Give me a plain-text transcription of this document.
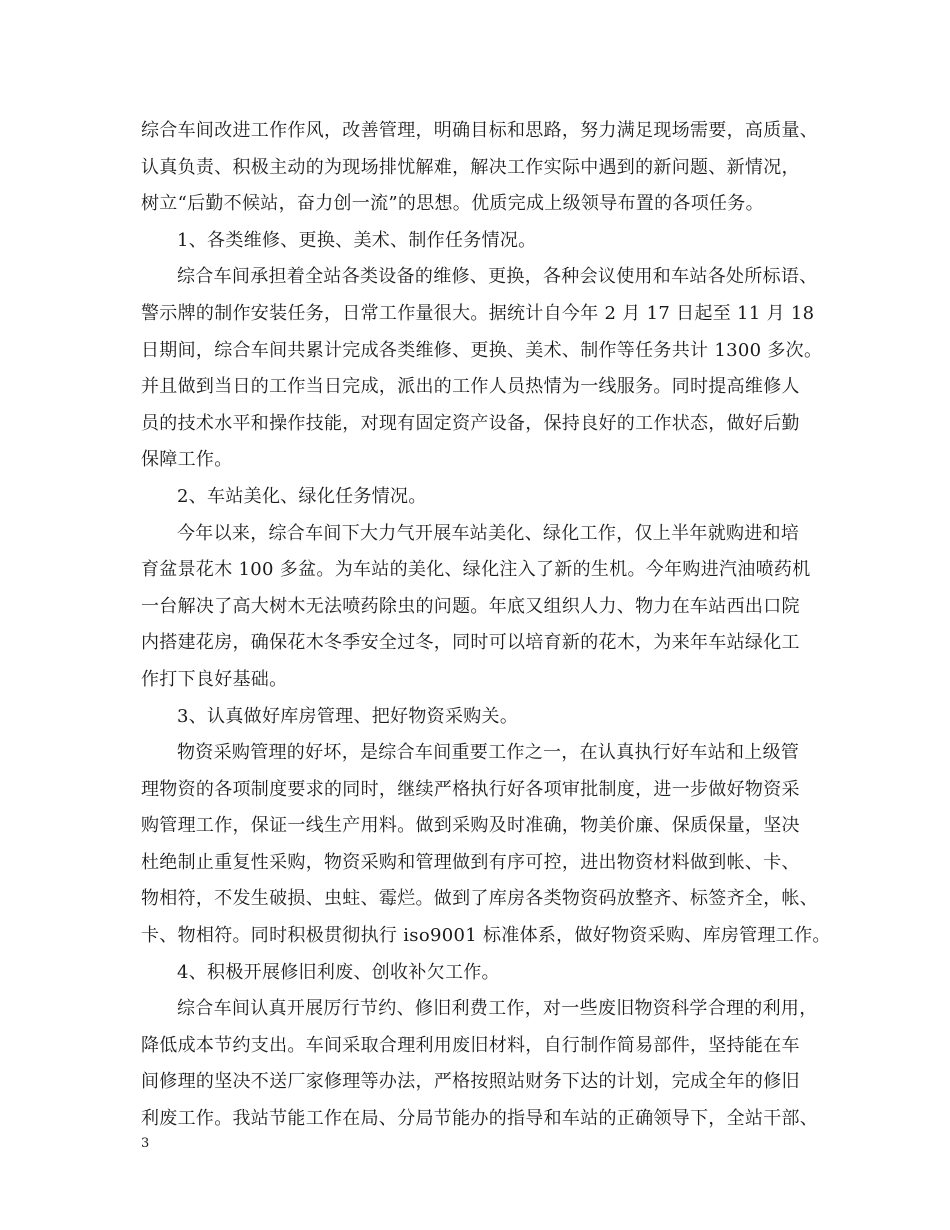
综合车间改进工作作风，改善管理，明确目标和思路，努力满足现场需要，高质量、
认真负责、积极主动的为现场排忧解难，解决工作实际中遇到的新问题、新情况，
树立“后勤不候站，奋力创一流”的思想。优质完成上级领导布置的各项任务。
1、各类维修、更换、美术、制作任务情况。
综合车间承担着全站各类设备的维修、更换，各种会议使用和车站各处所标语、
警示牌的制作安装任务，日常工作量很大。据统计自今年 2 月 17 日起至 11 月 18
日期间，综合车间共累计完成各类维修、更换、美术、制作等任务共计 1300 多次。
并且做到当日的工作当日完成，派出的工作人员热情为一线服务。同时提高维修人
员的技术水平和操作技能，对现有固定资产设备，保持良好的工作状态，做好后勤
保障工作。
2、车站美化、绿化任务情况。
今年以来，综合车间下大力气开展车站美化、绿化工作，仅上半年就购进和培
育盆景花木 100 多盆。为车站的美化、绿化注入了新的生机。今年购进汽油喷药机
一台解决了高大树木无法喷药除虫的问题。年底又组织人力、物力在车站西出口院
内搭建花房，确保花木冬季安全过冬，同时可以培育新的花木，为来年车站绿化工
作打下良好基础。
3、认真做好库房管理、把好物资采购关。
物资采购管理的好坏，是综合车间重要工作之一，在认真执行好车站和上级管
理物资的各项制度要求的同时，继续严格执行好各项审批制度，进一步做好物资采
购管理工作，保证一线生产用料。做到采购及时准确，物美价廉、保质保量，坚决
杜绝制止重复性采购，物资采购和管理做到有序可控，进出物资材料做到帐、卡、
物相符，不发生破损、虫蛀、霉烂。做到了库房各类物资码放整齐、标签齐全，帐、
卡、物相符。同时积极贯彻执行 iso9001 标准体系，做好物资采购、库房管理工作。
4、积极开展修旧利废、创收补欠工作。
综合车间认真开展厉行节约、修旧利费工作，对一些废旧物资科学合理的利用，
降低成本节约支出。车间采取合理利用废旧材料，自行制作简易部件，坚持能在车
间修理的坚决不送厂家修理等办法，严格按照站财务下达的计划，完成全年的修旧
利废工作。我站节能工作在局、分局节能办的指导和车站的正确领导下，全站干部、
3
